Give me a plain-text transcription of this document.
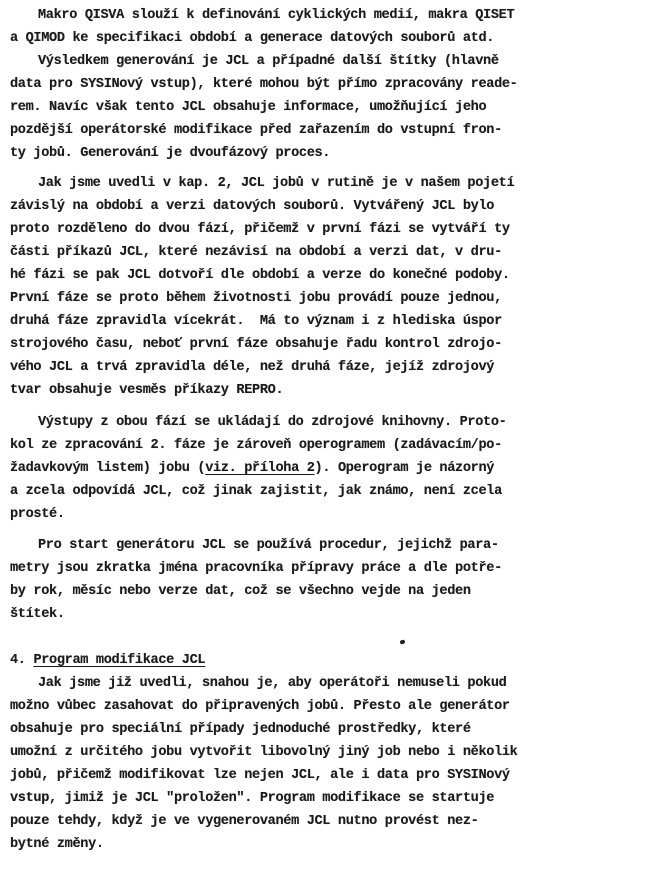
Makro QISVA slouží k definování cyklických medií, makra QISET
a QIMOD ke specifikaci období a generace datových souborů atd.
Výsledkem generování je JCL a případné další štítky (hlavně
data pro SYSINový vstup), které mohou být přímo zpracovány reade-
rem. Navíc však tento JCL obsahuje informace, umožňující jeho
pozdější operátorské modifikace před zařazením do vstupní fron-
ty jobů. Generování je dvoufázový proces.
Jak jsme uvedli v kap. 2, JCL jobů v rutině je v našem pojetí
závislý na období a verzi datových souborů. Vytvářený JCL bylo
proto rozděleno do dvou fází, přičemž v první fázi se vytváří ty
části příkazů JCL, které nezávisí na období a verzi dat, v dru-
hé fázi se pak JCL dotvoří dle období a verze do konečné podoby.
První fáze se proto během životnosti jobu provádí pouze jednou,
druhá fáze zpravidla vícekrát.  Má to význam i z hlediska úspor
strojového času, neboť první fáze obsahuje řadu kontrol zdrojo-
vého JCL a trvá zpravidla déle, než druhá fáze, jejíž zdrojový
tvar obsahuje vesměs příkazy REPRO.
Výstupy z obou fází se ukládají do zdrojové knihovny. Proto-
kol ze zpracování 2. fáze je zároveň operogramem (zadávacím/po-
žadavkovým listem) jobu (viz. příloha 2). Operogram je názorný
a zcela odpovídá JCL, což jinak zajistit, jak známo, není zcela
prosté.
Pro start generátoru JCL se používá procedur, jejichž para-
metry jsou zkratka jména pracovníka přípravy práce a dle potře-
by rok, měsíc nebo verze dat, což se všechno vejde na jeden
štítek.
4. Program modifikace JCL
Jak jsme již uvedli, snahou je, aby operátoři nemuseli pokud
možno vůbec zasahovat do připravených jobů. Přesto ale generátor
obsahuje pro speciální případy jednoduché prostředky, které
umožní z určitého jobu vytvořit libovolný jiný job nebo i několik
jobů, přičemž modifikovat lze nejen JCL, ale i data pro SYSINový
vstup, jimiž je JCL "proložen". Program modifikace se startuje
pouze tehdy, když je ve vygenerovaném JCL nutno provést nez-
bytné změny.
